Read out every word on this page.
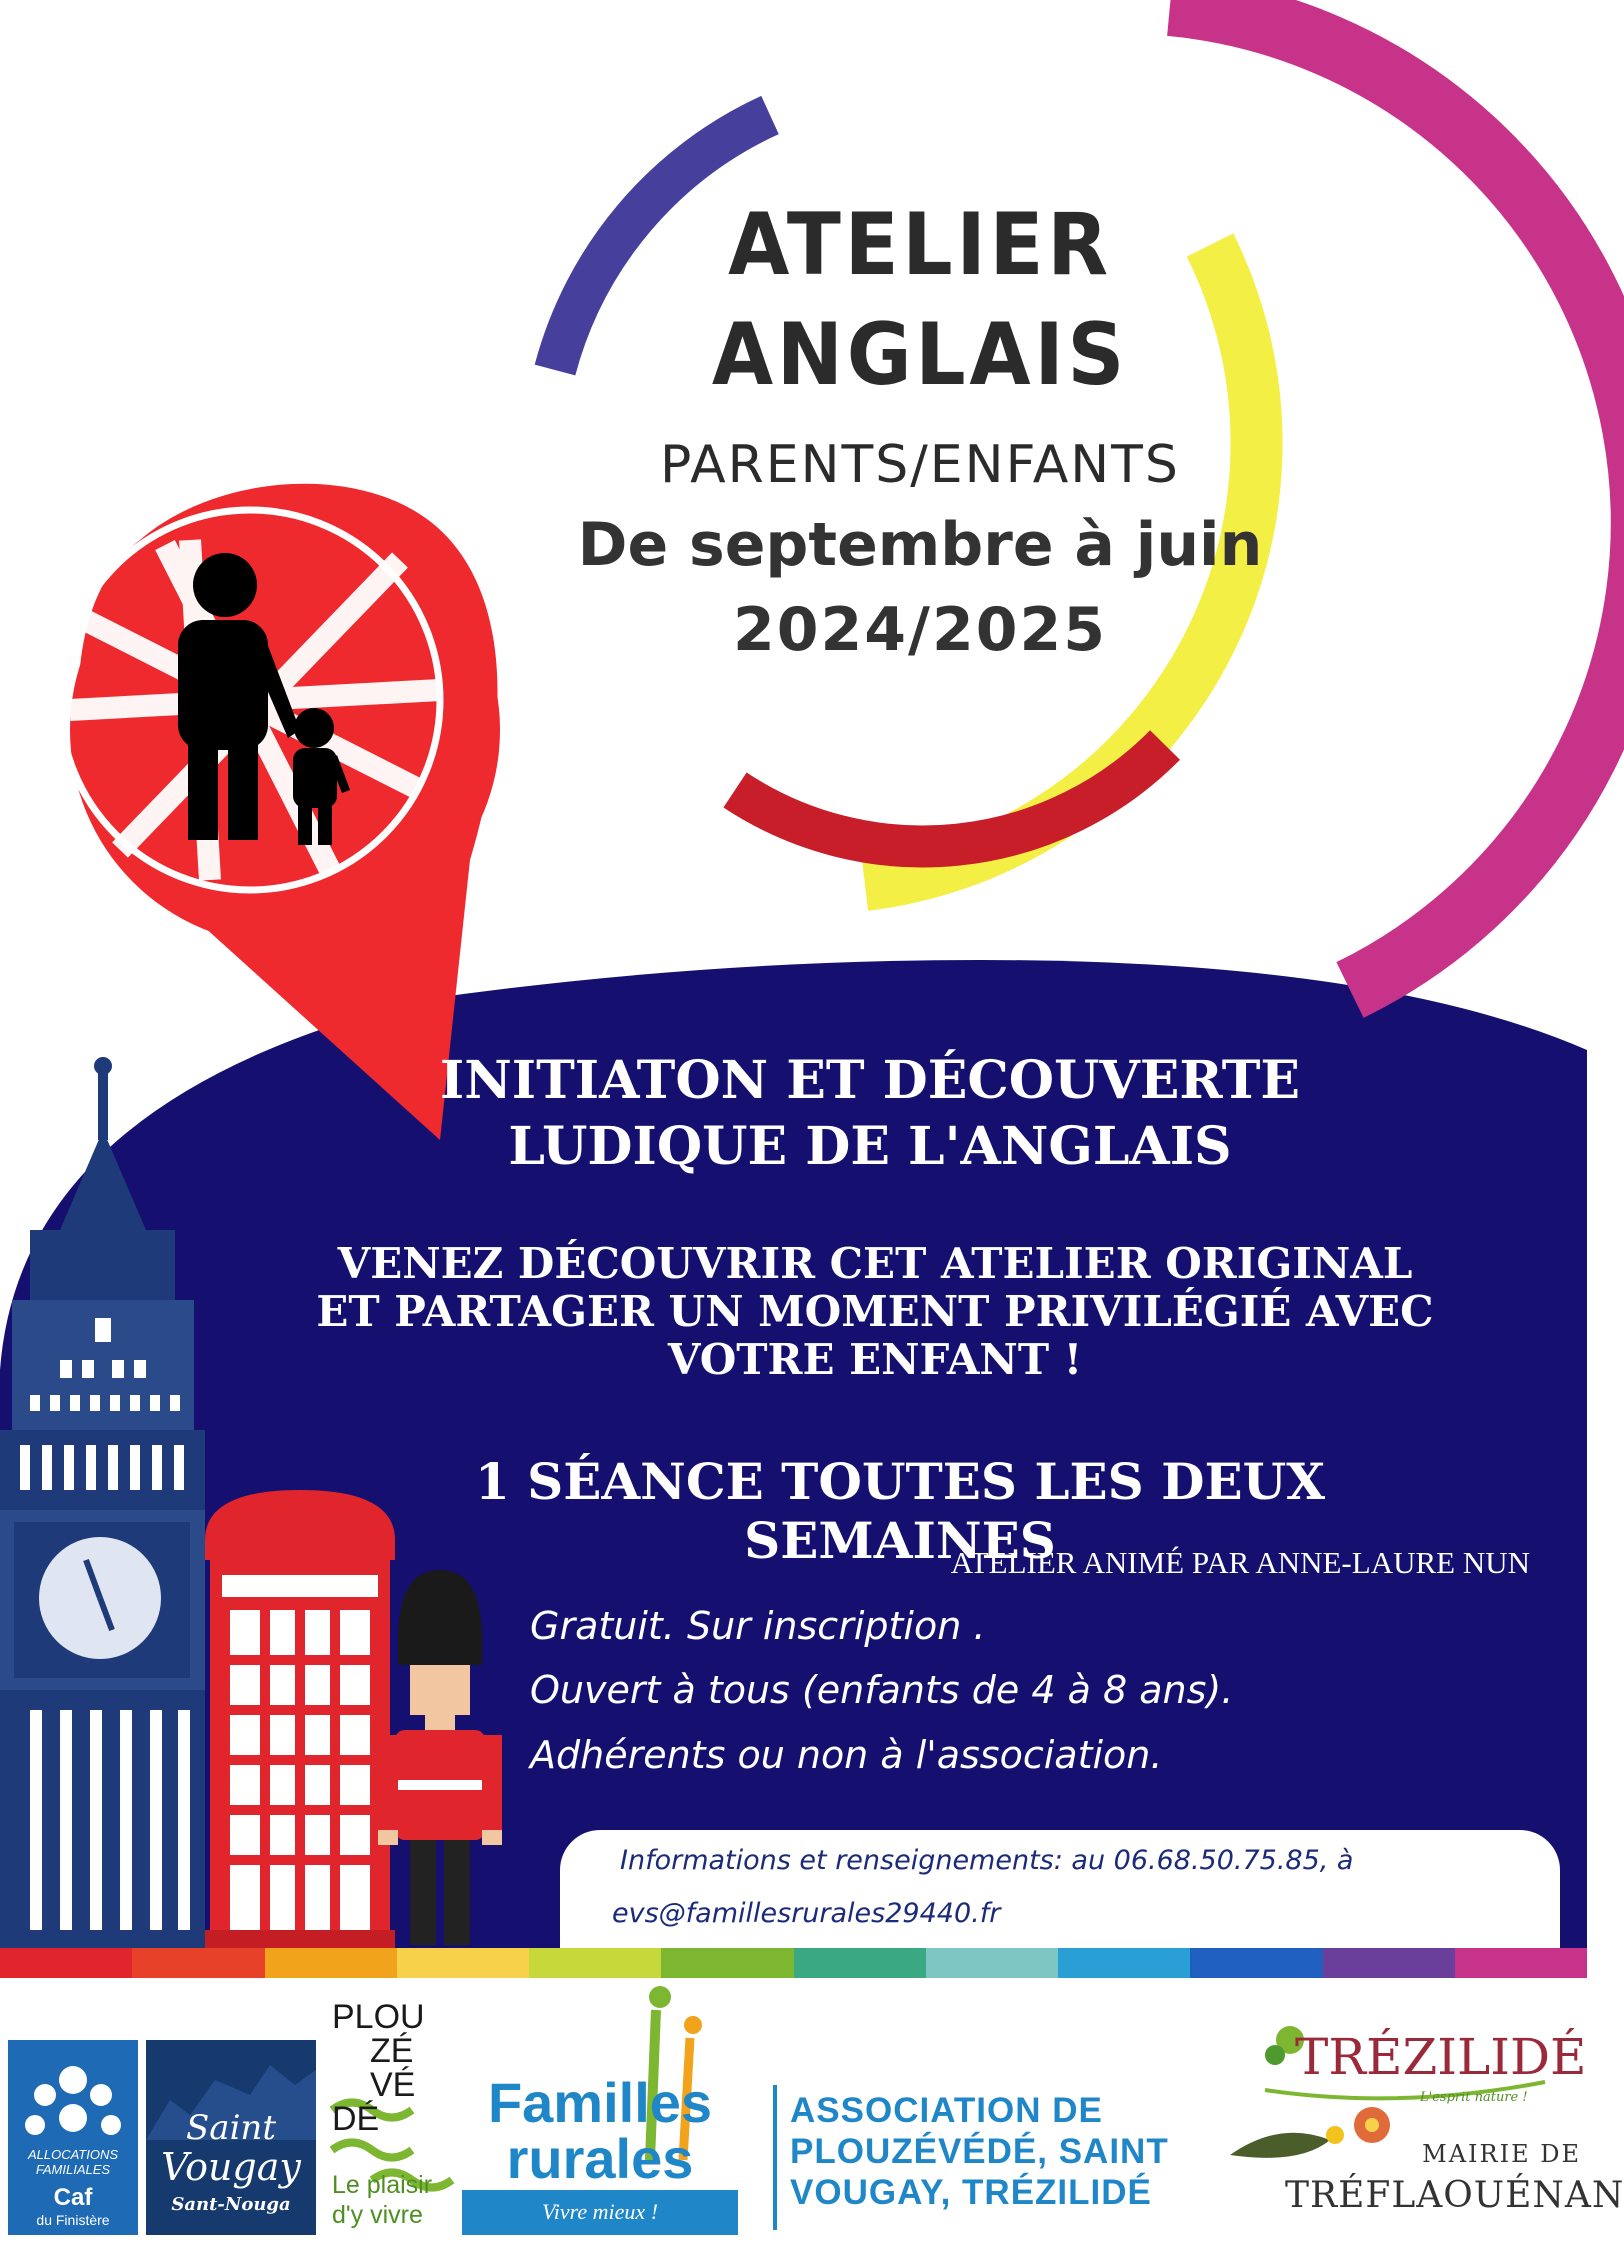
ATELIER
ANGLAIS
PARENTS/ENFANTS
De septembre à juin
2024/2025
INITIATON ET DÉCOUVERTE LUDIQUE DE L'ANGLAIS
VENEZ DÉCOUVRIR CET ATELIER ORIGINAL ET PARTAGER UN MOMENT PRIVILÉGIÉ AVEC VOTRE ENFANT !
1 SÉANCE TOUTES LES DEUX SEMAINES
ATELIER ANIMÉ PAR ANNE-LAURE NUN
Gratuit. Sur inscription .
Ouvert à tous (enfants de 4 à 8 ans).
Adhérents ou non à l'association.
Informations et renseignements: au 06.68.50.75.85, à
evs@famillesrurales29440.fr
ALLOCATIONS
FAMILIALES
Caf
du Finistère
Saint
Vougay
Sant-Nouga
PLOU
ZÉ
VÉ
DÉ
Le plaisir
d'y vivre
Familles
rurales
Vivre mieux !
ASSOCIATION DE PLOUZÉVÉDÉ, SAINT VOUGAY, TRÉZILIDÉ
TRÉZILIDÉ
L'esprit nature !
MAIRIE DE
TRÉFLAOUÉNAN
